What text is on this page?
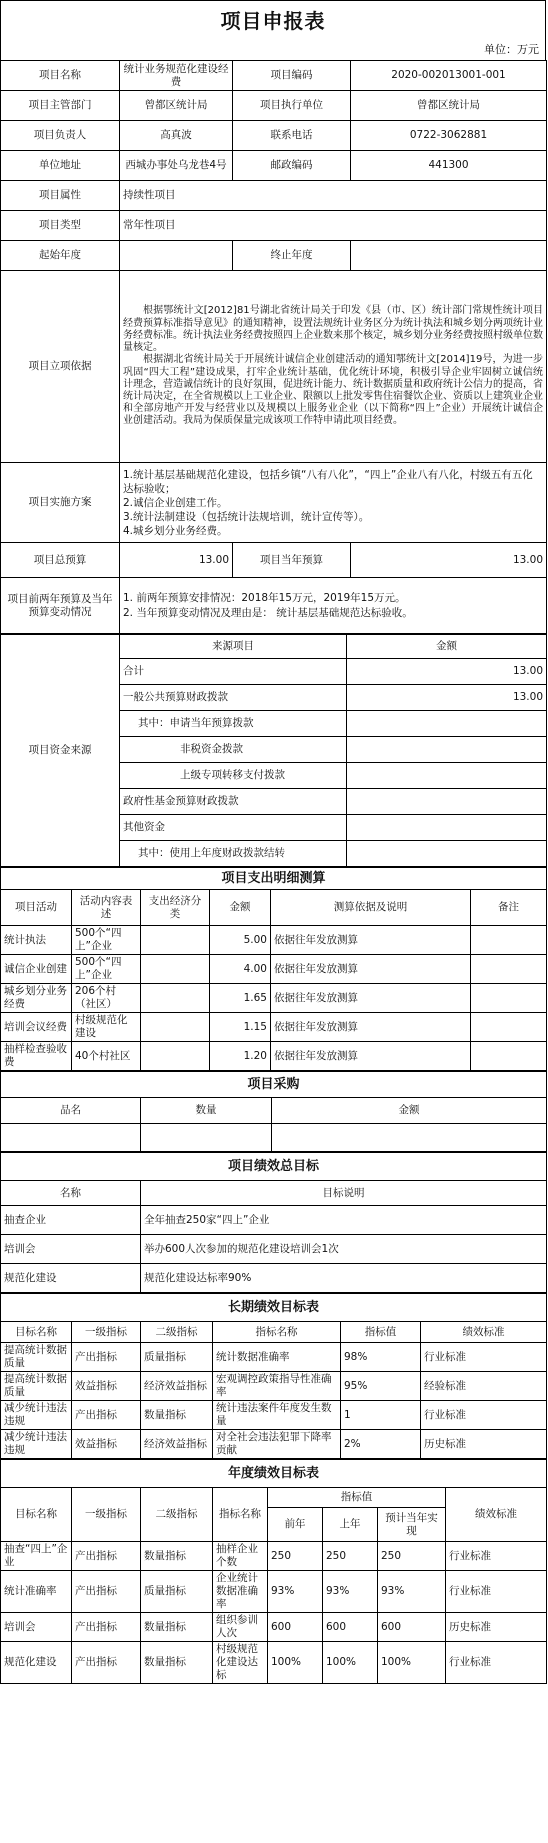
项目申报表
单位：万元
项目名称	统计业务规范化建设经费	项目编码	2020-002013001-001
项目主管部门	曾都区统计局	项目执行单位	曾都区统计局
项目负责人	高真波	联系电话	0722-3062881
单位地址	西城办事处乌龙巷4号	邮政编码	441300
项目属性	持续性项目		
项目类型	常年性项目		
起始年度		终止年度	
项目立项依据	根据鄂统计文[2012]81号湖北省统计局关于印发《县（市、区）统计部门常规性统计项目经费预算标准指导意见》的通知精神，设置法规统计业务区分为统计执法和城乡划分两项统计业务经费标准。统计执法业务经费按照四上企业数来那个核定，城乡划分业务经费按照村级单位数量核定。
根据湖北省统计局关于开展统计诚信企业创建活动的通知鄂统计文[2014]19号，为进一步巩固“四大工程”建设成果，打牢企业统计基础，优化统计环境，积极引导企业牢固树立诚信统计理念，营造诚信统计的良好氛围，促进统计能力、统计数据质量和政府统计公信力的提高，省统计局决定，在全省规模以上工业企业、限额以上批发零售住宿餐饮企业、资质以上建筑业企业和全部房地产开发与经营业以及规模以上服务业企业（以下简称“四上”企业）开展统计诚信企业创建活动。我局为保质保量完成该项工作特申请此项目经费。		

项目实施方案	1.统计基层基础规范化建设，包括乡镇“八有八化”，“四上”企业八有八化，村级五有五化达标验收；
2.诚信企业创建工作。
3.统计法制建设（包括统计法规培训，统计宣传等）。
4.城乡划分业务经费。		

项目总预算	13.00	项目当年预算	13.00
项目前两年预算及当年预算变动情况	1. 前两年预算安排情况：2018年15万元，2019年15万元。
2. 当年预算变动情况及理由是： 统计基层基础规范达标验收。		
项目资金来源	来源项目	金额
	合计	13.00
	一般公共预算财政拨款	13.00
	其中：申请当年预算拨款	
	非税资金拨款	
	上级专项转移支付拨款	
	政府性基金预算财政拨款	
	其他资金	
	其中：使用上年度财政拨款结转	
项目支出明细测算					
项目活动	活动内容表述	支出经济分类	金额	测算依据及说明	备注
统计执法	500个“四上”企业		5.00	依据往年发放测算	
诚信企业创建	500个“四上”企业		4.00	依据往年发放测算	
城乡划分业务经费	206个村（社区）		1.65	依据往年发放测算	
培训会议经费	村级规范化建设		1.15	依据往年发放测算	
抽样检查验收费	40个村社区		1.20	依据往年发放测算	
项目采购		
品名	数量	金额

项目绩效总目标	
名称	目标说明
抽查企业	全年抽查250家“四上”企业
培训会	举办600人次参加的规范化建设培训会1次
规范化建设	规范化建设达标率90%
长期绩效目标表					
目标名称	一级指标	二级指标	指标名称	指标值	绩效标准
提高统计数据质量	产出指标	质量指标	统计数据准确率	98%	行业标准
提高统计数据质量	效益指标	经济效益指标	宏观调控政策指导性准确率	95%	经验标准
减少统计违法违规	产出指标	数量指标	统计违法案件年度发生数量	1	行业标准
减少统计违法违规	效益指标	经济效益指标	对全社会违法犯罪下降率贡献	2%	历史标准
年度绩效目标表							
目标名称	一级指标	二级指标	指标名称	指标值			绩效标准
				前年	上年	预计当年实现	
抽查“四上”企业	产出指标	数量指标	抽样企业个数	250	250	250	行业标准
统计准确率	产出指标	质量指标	企业统计数据准确率	93%	93%	93%	行业标准
培训会	产出指标	数量指标	组织参训人次	600	600	600	历史标准
规范化建设	产出指标	数量指标	村级规范化建设达标	100%	100%	100%	行业标准
